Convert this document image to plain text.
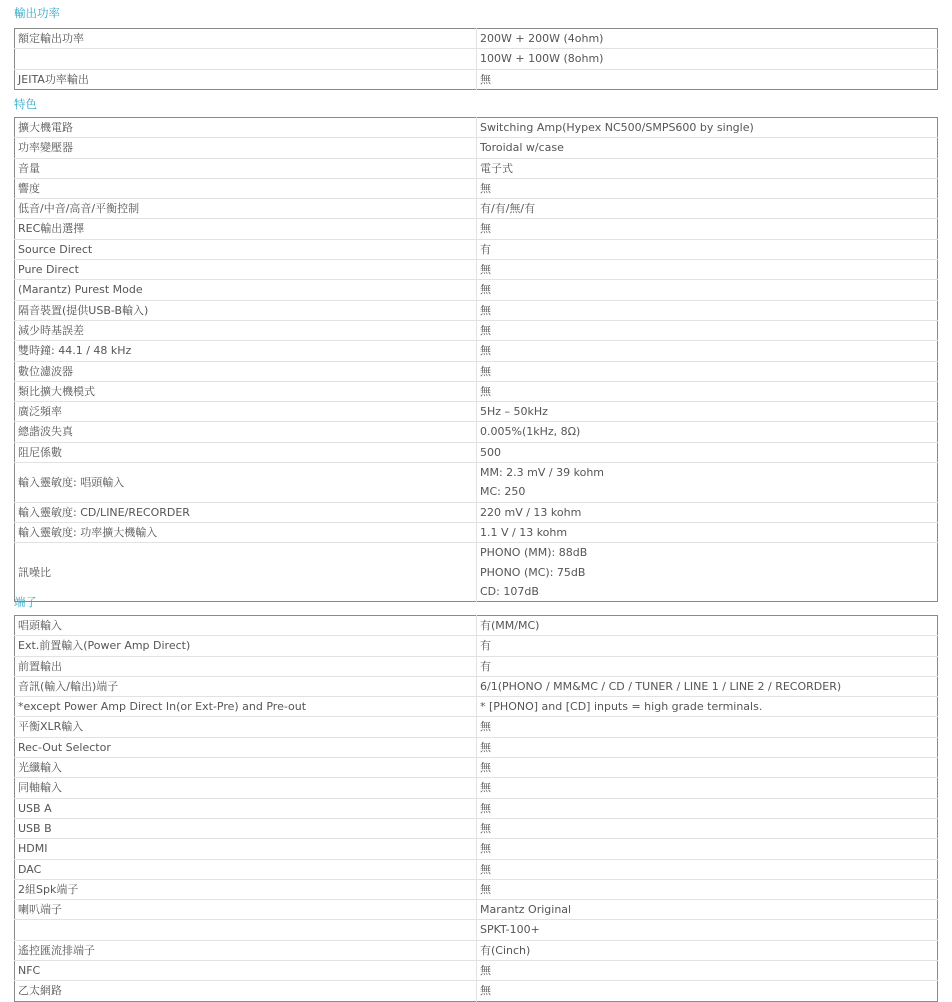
輸出功率
額定輸出功率	200W + 200W (4ohm)

	100W + 100W (8ohm)

JEITA功率輸出	無
特色
擴大機電路	Switching Amp(Hypex NC500/SMPS600 by single)

功率變壓器	Toroidal w/case

音量	電子式

響度	無

低音/中音/高音/平衡控制	有/有/無/有

REC輸出選擇	無

Source Direct	有

Pure Direct	無

(Marantz) Purest Mode	無

隔音裝置(提供USB-B輸入)	無

減少時基誤差	無

雙時鐘: 44.1 / 48 kHz	無

數位濾波器	無

類比擴大機模式	無

廣泛頻率	5Hz – 50kHz

總諧波失真	0.005%(1kHz, 8Ω)

阻尼係數	500

輸入靈敏度: 唱頭輸入	MM: 2.3 mV / 39 kohm
MC: 250

輸入靈敏度: CD/LINE/RECORDER	220 mV / 13 kohm

輸入靈敏度: 功率擴大機輸入	1.1 V / 13 kohm

訊噪比	PHONO (MM): 88dB
PHONO (MC): 75dB
CD: 107dB
端子
唱頭輸入	有(MM/MC)

Ext.前置輸入(Power Amp Direct)	有

前置輸出	有

音訊(輸入/輸出)端子	6/1(PHONO / MM&MC / CD / TUNER / LINE 1 / LINE 2 / RECORDER)

*except Power Amp Direct In(or Ext-Pre) and Pre-out	* [PHONO] and [CD] inputs = high grade terminals.

平衡XLR輸入	無

Rec-Out Selector	無

光纖輸入	無

同軸輸入	無

USB A	無

USB B	無

HDMI	無

DAC	無

2組Spk端子	無

喇叭端子	Marantz Original

	SPKT-100+

遙控匯流排端子	有(Cinch)

NFC	無

乙太網路	無
